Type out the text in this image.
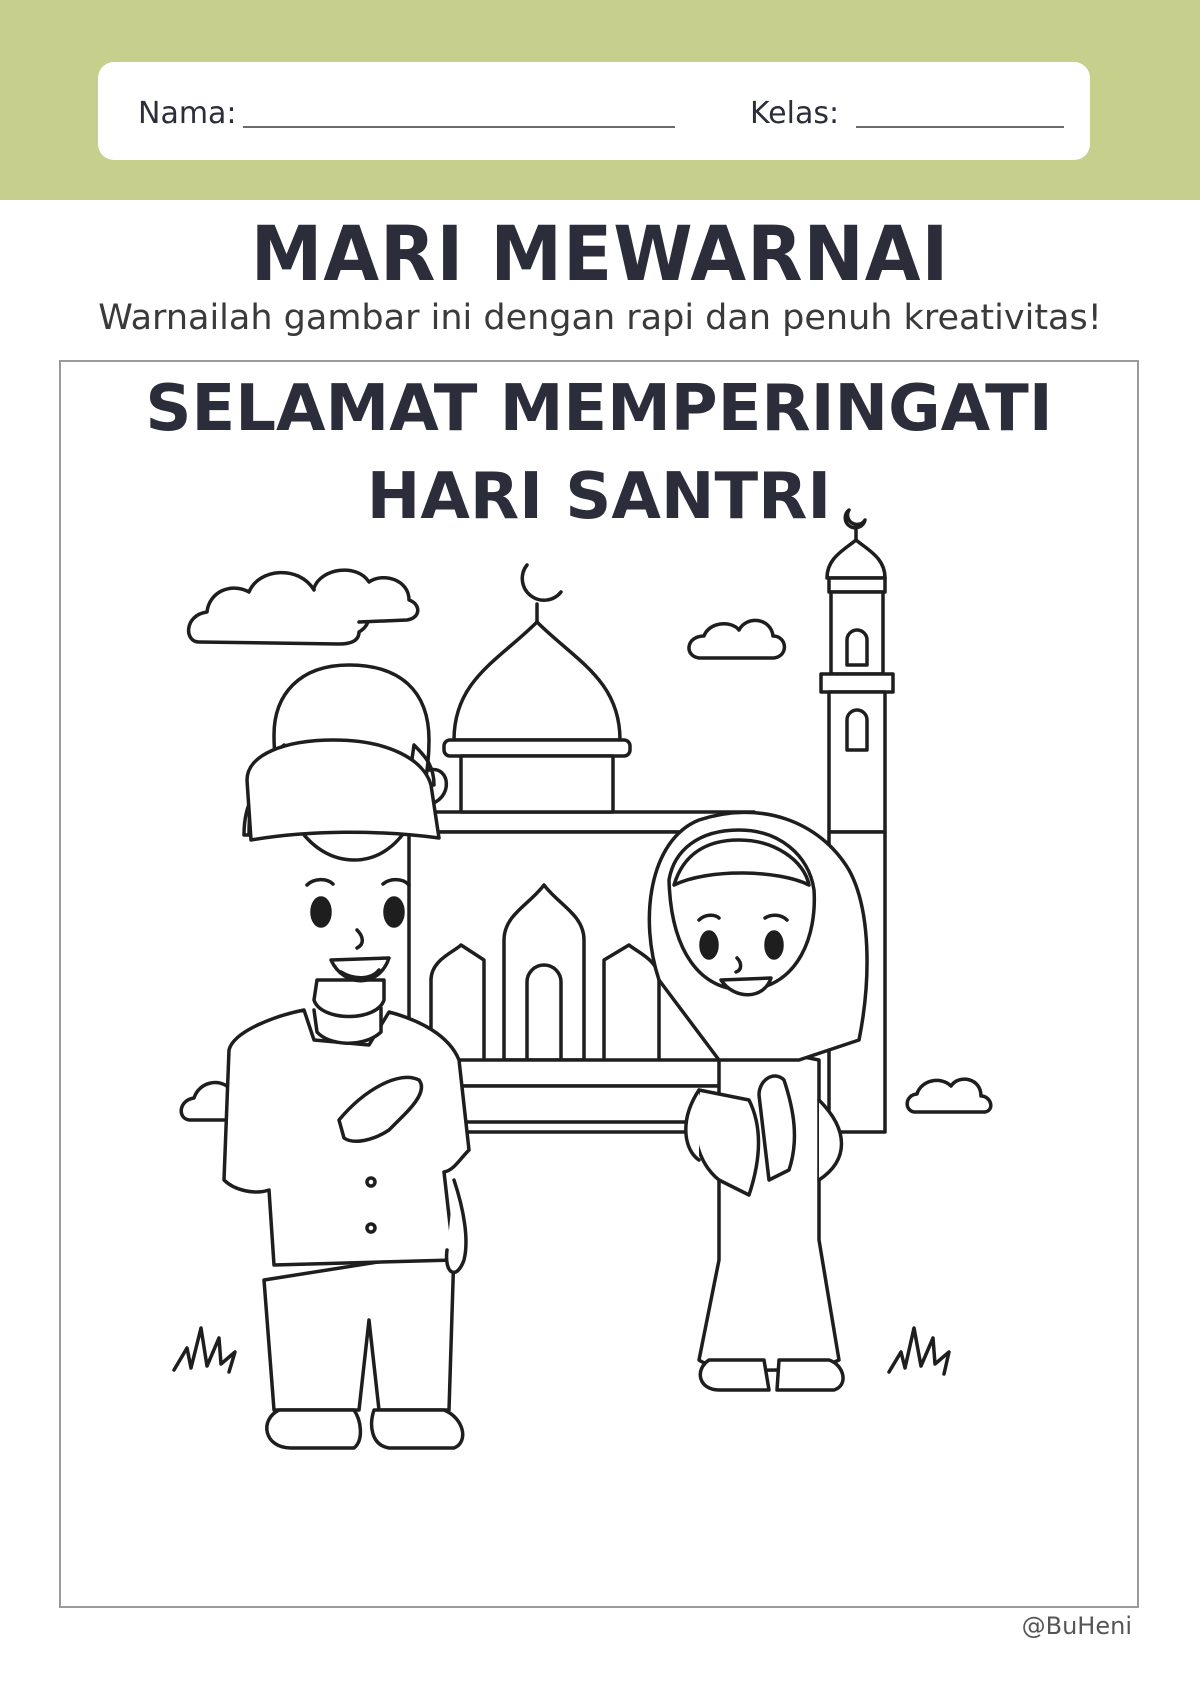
Nama:	Kelas:
MARI MEWARNAI

Warnailah gambar ini dengan rapi dan penuh kreativitas!

SELAMAT MEMPERINGATI
HARI SANTRI
@BuHeni
